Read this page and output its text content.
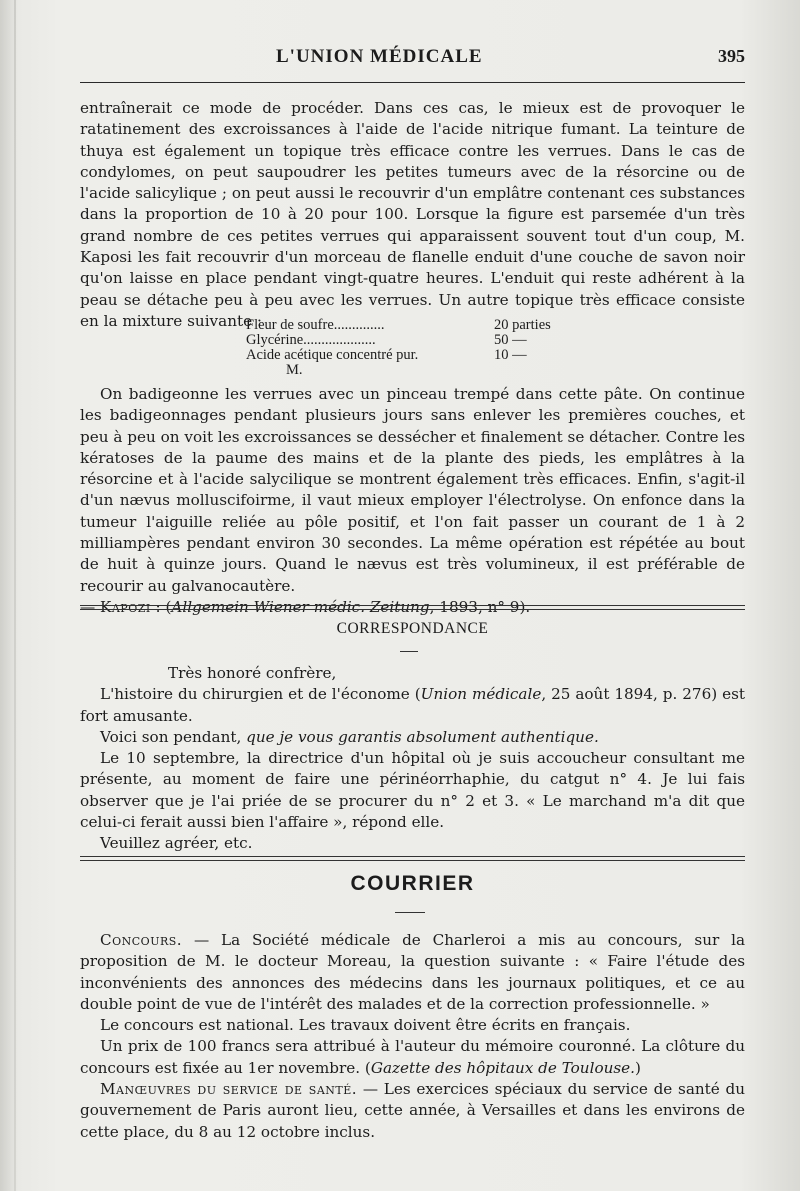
L'UNION MÉDICALE	395

entraînerait ce mode de procéder. Dans ces cas, le mieux est de provoquer le ratatinement des excroissances à l'aide de l'acide nitrique fumant. La teinture de thuya est également un topique très efficace contre les verrues. Dans le cas de condylomes, on peut saupoudrer les petites tumeurs avec de la résorcine ou de l'acide salicylique ; on peut aussi le recouvrir d'un emplâtre contenant ces substances dans la proportion de 10 à 20 pour 100. Lorsque la figure est parsemée d'un très grand nombre de ces petites verrues qui apparaissent souvent tout d'un coup, M. Kaposi les fait recouvrir d'un morceau de flanelle enduit d'une couche de savon noir qu'on laisse en place pendant vingt-quatre heures. L'enduit qui reste adhérent à la peau se détache peu à peu avec les verrues. Un autre topique très efficace consiste en la mixture suivante :

Fleur de soufre..............	20 parties
Glycérine....................	50 —
Acide acétique concentré pur.	10 —
M.

On badigeonne les verrues avec un pinceau trempé dans cette pâte. On continue les badigeonnages pendant plusieurs jours sans enlever les premières couches, et peu à peu on voit les excroissances se dessécher et finalement se détacher. Contre les kératoses de la paume des mains et de la plante des pieds, les emplâtres à la résorcine et à l'acide salycilique se montrent également très efficaces. Enfin, s'agit-il d'un nævus molluscifoirme, il vaut mieux employer l'électrolyse. On enfonce dans la tumeur l'aiguille reliée au pôle positif, et l'on fait passer un courant de 1 à 2 milliampères pendant environ 30 secondes. La même opération est répétée au bout de huit à quinze jours. Quand le nævus est très volumineux, il est préférable de recourir au galvanocautère.
— Kapozi : (Allgemein Wiener médic. Zeitung, 1893, n° 9).

CORRESPONDANCE

Très honoré confrère,

L'histoire du chirurgien et de l'économe (Union médicale, 25 août 1894, p. 276) est fort amusante.

Voici son pendant, que je vous garantis absolument authentique.

Le 10 septembre, la directrice d'un hôpital où je suis accoucheur consultant me présente, au moment de faire une périnéorrhaphie, du catgut n° 4. Je lui fais observer que je l'ai priée de se procurer du n° 2 et 3. « Le marchand m'a dit que celui-ci ferait aussi bien l'affaire », répond elle.

Veuillez agréer, etc.

COURRIER

Concours. — La Société médicale de Charleroi a mis au concours, sur la proposition de M. le docteur Moreau, la question suivante : « Faire l'étude des inconvénients des annonces des médecins dans les journaux politiques, et ce au double point de vue de l'intérêt des malades et de la correction professionnelle. »

Le concours est national. Les travaux doivent être écrits en français.

Un prix de 100 francs sera attribué à l'auteur du mémoire couronné. La clôture du concours est fixée au 1er novembre. (Gazette des hôpitaux de Toulouse.)

Manœuvres du service de santé. — Les exercices spéciaux du service de santé du gouvernement de Paris auront lieu, cette année, à Versailles et dans les environs de cette place, du 8 au 12 octobre inclus.
